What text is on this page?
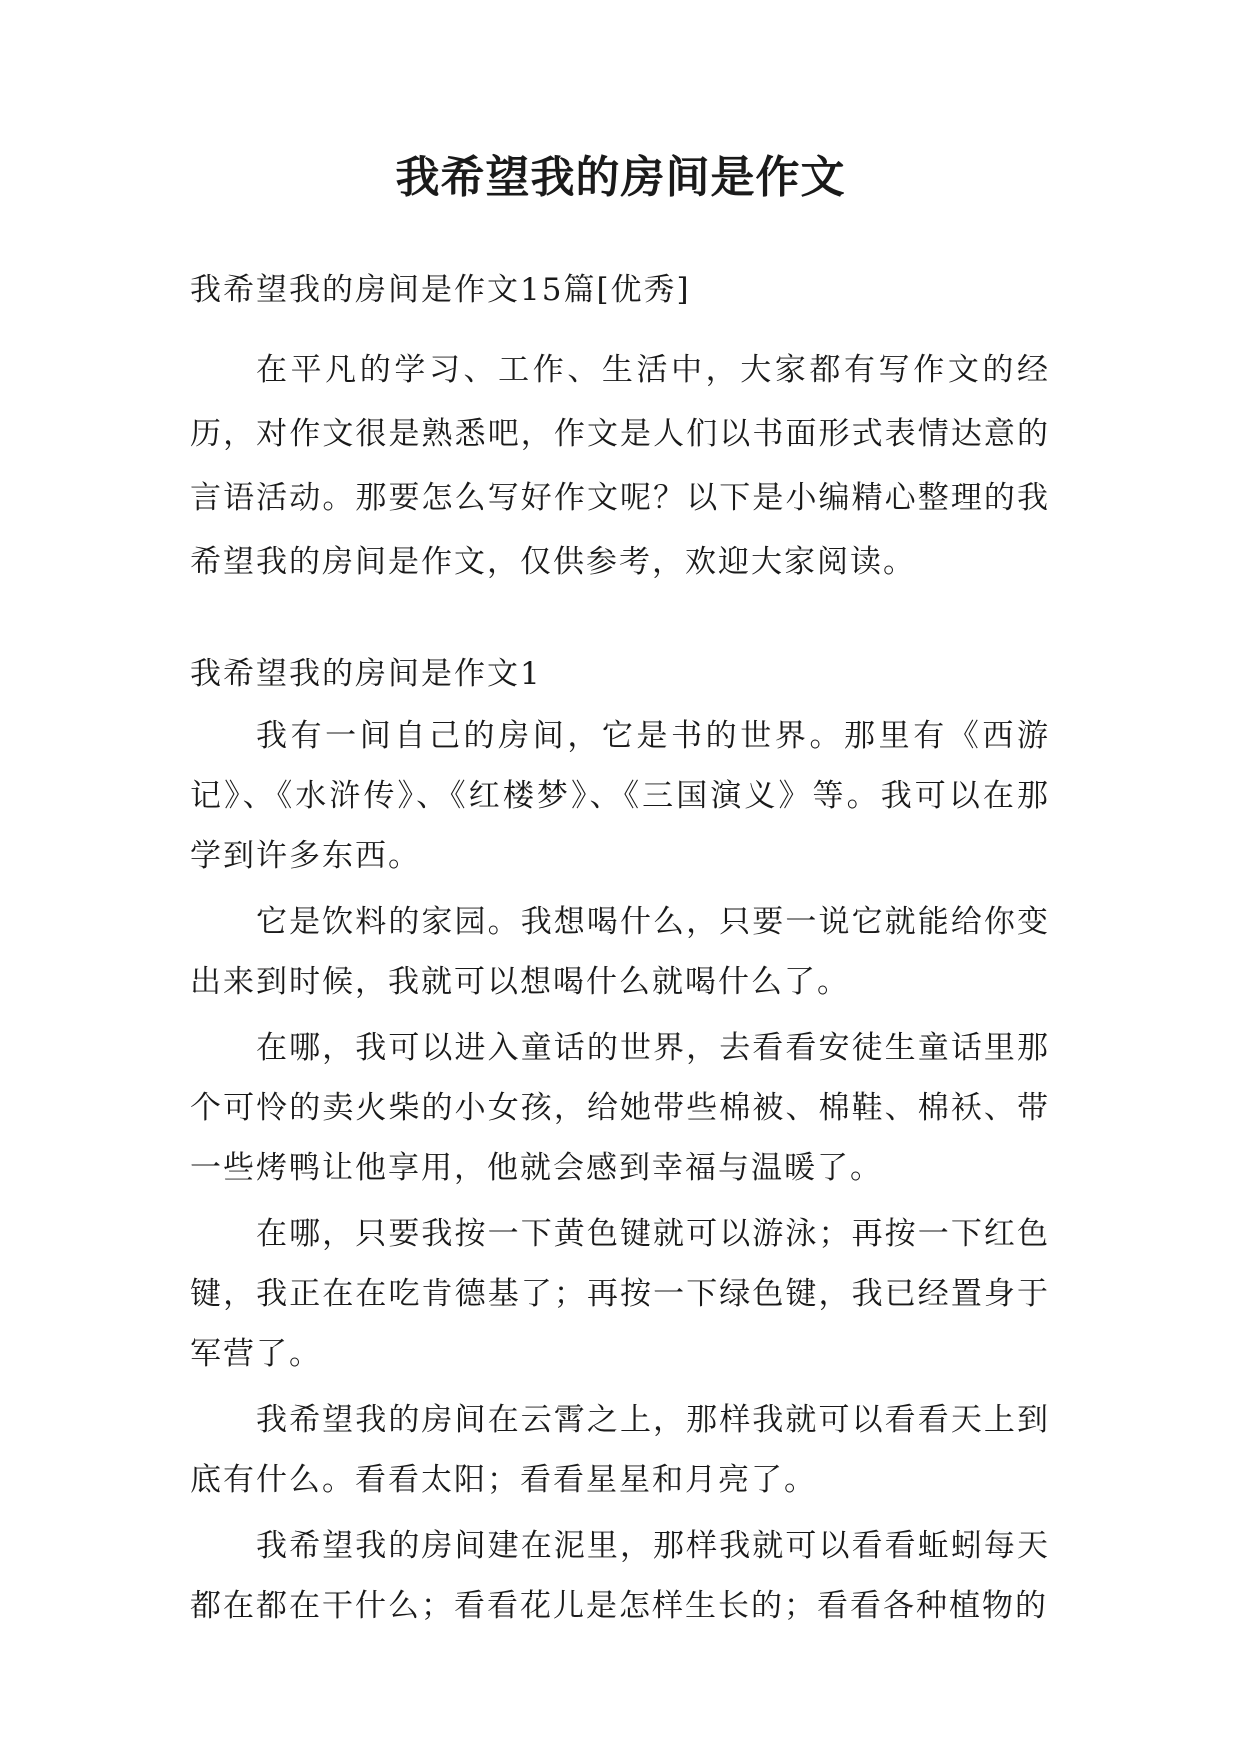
我希望我的房间是作文

我希望我的房间是作文15篇[优秀]

在平凡的学习、工作、生活中，大家都有写作文的经历，对作文很是熟悉吧，作文是人们以书面形式表情达意的言语活动。那要怎么写好作文呢？以下是小编精心整理的我希望我的房间是作文，仅供参考，欢迎大家阅读。

我希望我的房间是作文1

我有一间自己的房间，它是书的世界。那里有《西游记》、《水浒传》、《红楼梦》、《三国演义》等。我可以在那学到许多东西。

它是饮料的家园。我想喝什么，只要一说它就能给你变出来到时候，我就可以想喝什么就喝什么了。

在哪，我可以进入童话的世界，去看看安徒生童话里那个可怜的卖火柴的小女孩，给她带些棉被、棉鞋、棉袄、带一些烤鸭让他享用，他就会感到幸福与温暖了。

在哪，只要我按一下黄色键就可以游泳；再按一下红色键，我正在在吃肯德基了；再按一下绿色键，我已经置身于军营了。

我希望我的房间在云霄之上，那样我就可以看看天上到底有什么。看看太阳；看看星星和月亮了。

我希望我的房间建在泥里，那样我就可以看看蚯蚓每天都在都在干什么；看看花儿是怎样生长的；看看各种植物的
